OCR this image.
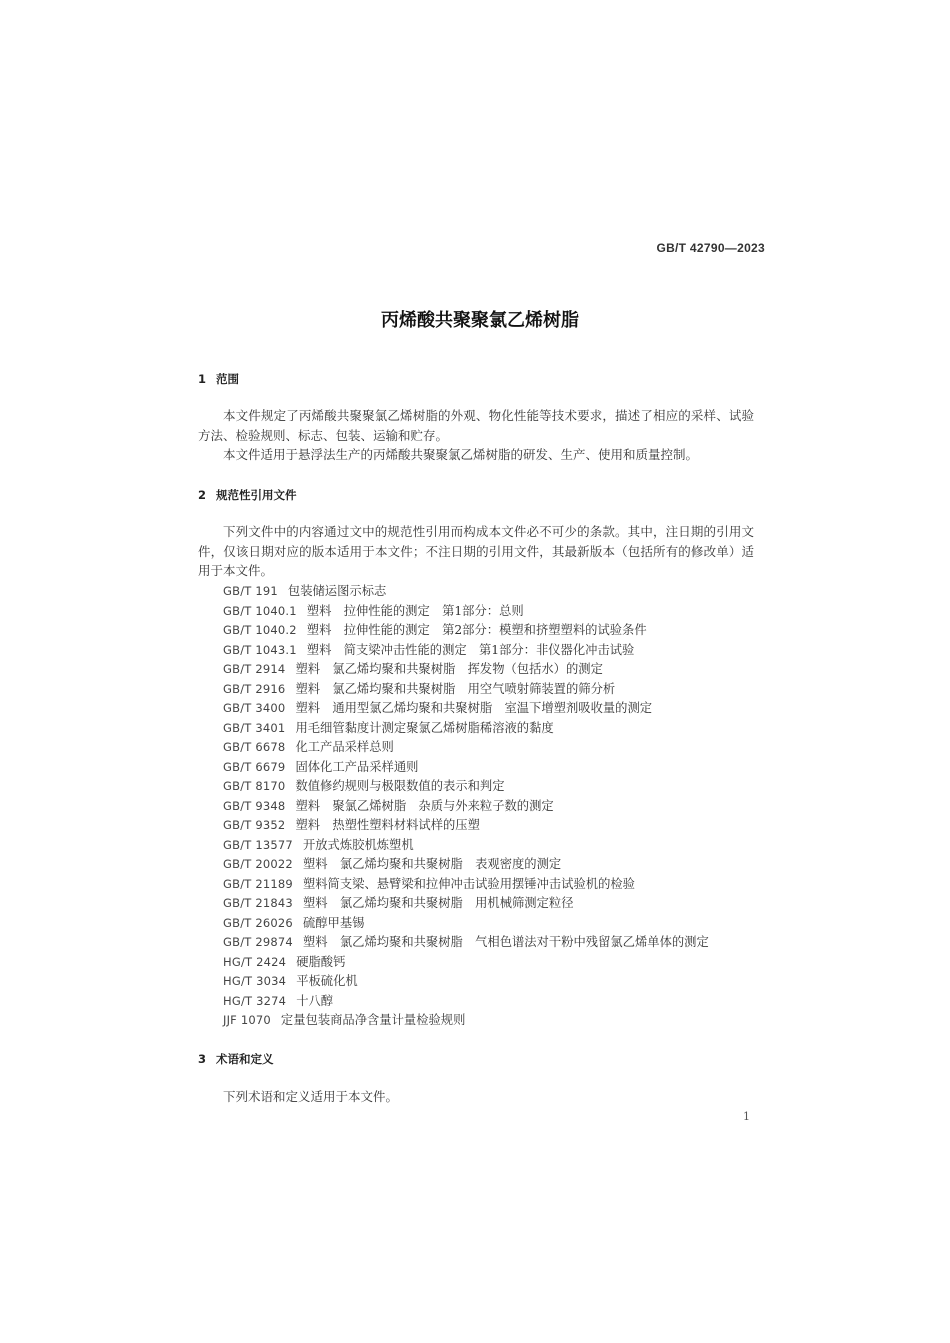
GB/T 42790—2023
丙烯酸共聚聚氯乙烯树脂
1 范围
本文件规定了丙烯酸共聚聚氯乙烯树脂的外观、物化性能等技术要求，描述了相应的采样、试验方法、检验规则、标志、包装、运输和贮存。
本文件适用于悬浮法生产的丙烯酸共聚聚氯乙烯树脂的研发、生产、使用和质量控制。
2 规范性引用文件
下列文件中的内容通过文中的规范性引用而构成本文件必不可少的条款。其中，注日期的引用文件，仅该日期对应的版本适用于本文件；不注日期的引用文件，其最新版本（包括所有的修改单）适用于本文件。
GB/T 191 包装储运图示标志
GB/T 1040.1 塑料　拉伸性能的测定　第1部分：总则
GB/T 1040.2 塑料　拉伸性能的测定　第2部分：模塑和挤塑塑料的试验条件
GB/T 1043.1 塑料　简支梁冲击性能的测定　第1部分：非仪器化冲击试验
GB/T 2914 塑料　氯乙烯均聚和共聚树脂　挥发物（包括水）的测定
GB/T 2916 塑料　氯乙烯均聚和共聚树脂　用空气喷射筛装置的筛分析
GB/T 3400 塑料　通用型氯乙烯均聚和共聚树脂　室温下增塑剂吸收量的测定
GB/T 3401 用毛细管黏度计测定聚氯乙烯树脂稀溶液的黏度
GB/T 6678 化工产品采样总则
GB/T 6679 固体化工产品采样通则
GB/T 8170 数值修约规则与极限数值的表示和判定
GB/T 9348 塑料　聚氯乙烯树脂　杂质与外来粒子数的测定
GB/T 9352 塑料　热塑性塑料材料试样的压塑
GB/T 13577 开放式炼胶机炼塑机
GB/T 20022 塑料　氯乙烯均聚和共聚树脂　表观密度的测定
GB/T 21189 塑料简支梁、悬臂梁和拉伸冲击试验用摆锤冲击试验机的检验
GB/T 21843 塑料　氯乙烯均聚和共聚树脂　用机械筛测定粒径
GB/T 26026 硫醇甲基锡
GB/T 29874 塑料　氯乙烯均聚和共聚树脂　气相色谱法对干粉中残留氯乙烯单体的测定
HG/T 2424 硬脂酸钙
HG/T 3034 平板硫化机
HG/T 3274 十八醇
JJF 1070 定量包装商品净含量计量检验规则
3 术语和定义
下列术语和定义适用于本文件。
1
